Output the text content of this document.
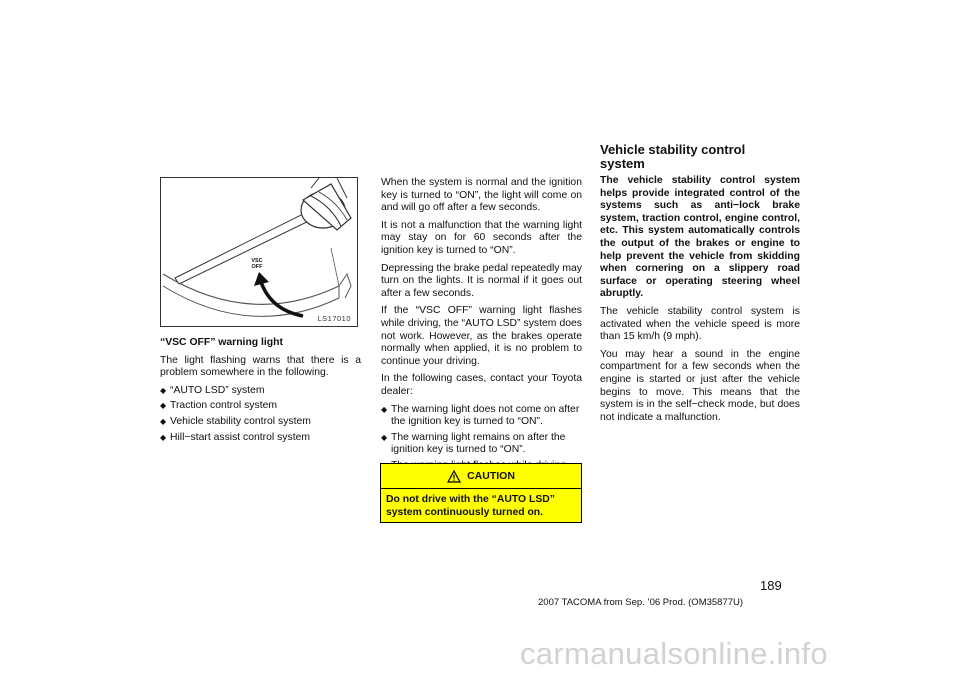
VSC
OFF
LS17010

“VSC OFF” warning light

The light flashing warns that there is a problem somewhere in the following.

◆ “AUTO LSD” system
◆ Traction control system
◆ Vehicle stability control system
◆ Hill−start assist control system

When the system is normal and the ignition key is turned to “ON”, the light will come on and will go off after a few seconds.

It is not a malfunction that the warning light may stay on for 60 seconds after the ignition key is turned to “ON”.

Depressing the brake pedal repeatedly may turn on the lights. It is normal if it goes out after a few seconds.

If the “VSC OFF” warning light flashes while driving, the “AUTO LSD” system does not work. However, as the brakes operate normally when applied, it is no problem to continue your driving.

In the following cases, contact your Toyota dealer:

◆ The warning light does not come on after the ignition key is turned to “ON”.
◆ The warning light remains on after the ignition key is turned to “ON”.
◆
CAUTION
Do not drive with the “AUTO LSD” system continuously turned on.
Vehicle stability control
system

The vehicle stability control system helps provide integrated control of the systems such as anti−lock brake system, traction control, engine control, etc. This system automatically controls the output of the brakes or engine to help prevent the vehicle from skidding when cornering on a slippery road surface or operating steering wheel abruptly.

The vehicle stability control system is activated when the vehicle speed is more than 15 km/h (9 mph).

You may hear a sound in the engine compartment for a few seconds when the engine is started or just after the vehicle begins to move. This means that the system is in the self−check mode, but does not indicate a malfunction.

189
2007 TACOMA from Sep. ’06 Prod. (OM35877U)
carmanualsonline.info
